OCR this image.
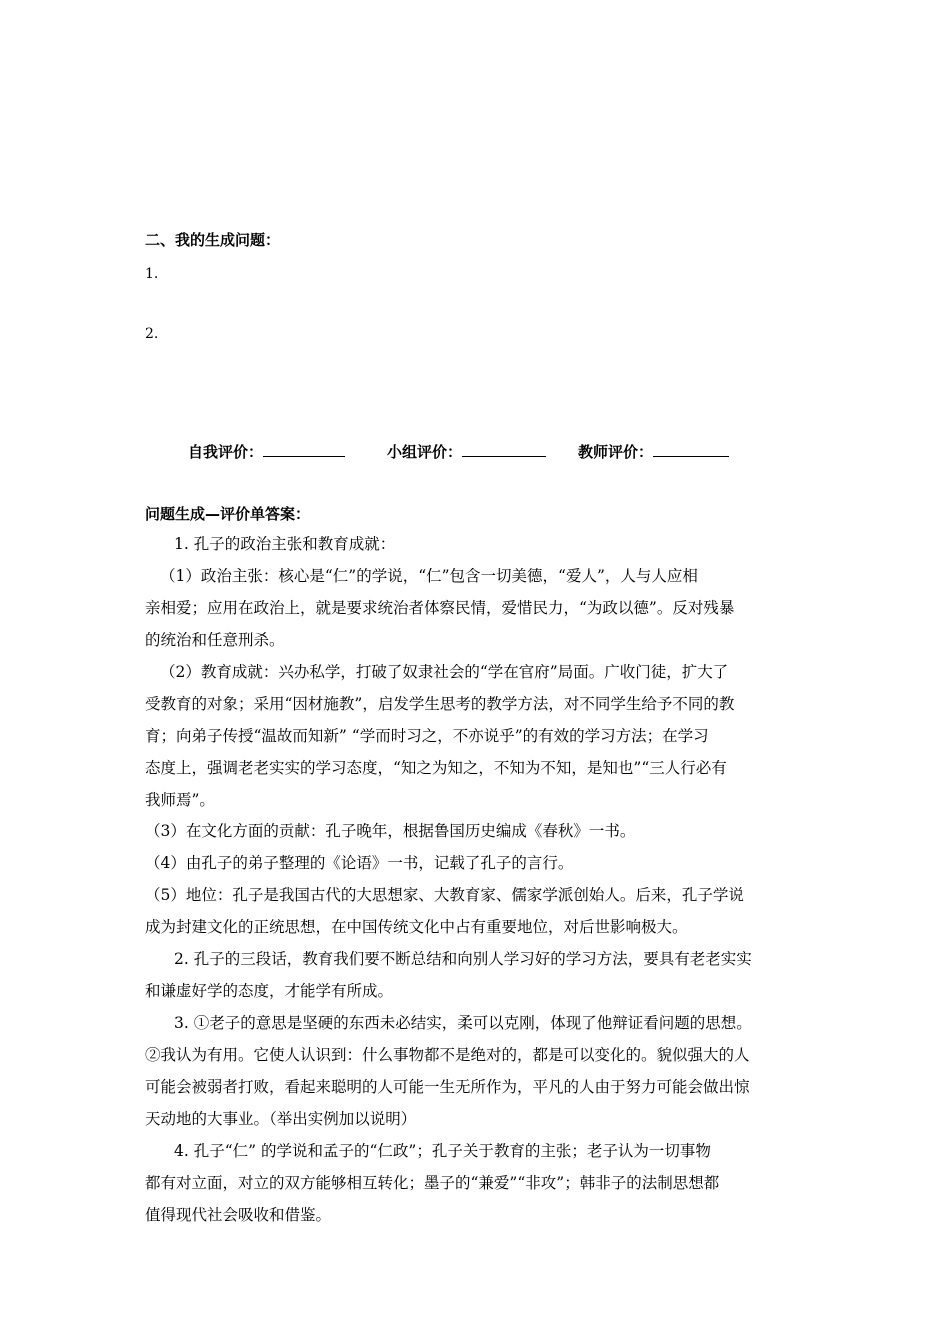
二、我的生成问题：
1.
2.
自我评价：	小组评价：	教师评价：
问题生成—评价单答案：
1. 孔子的政治主张和教育成就：
（1）政治主张：核心是“仁”的学说，“仁”包含一切美德，“爱人”，人与人应相
亲相爱；应用在政治上，就是要求统治者体察民情，爱惜民力，“为政以德”。反对残暴
的统治和任意刑杀。
（2）教育成就：兴办私学，打破了奴隶社会的“学在官府”局面。广收门徒，扩大了
受教育的对象；采用“因材施教”，启发学生思考的教学方法，对不同学生给予不同的教
育；向弟子传授“温故而知新” “学而时习之，不亦说乎”的有效的学习方法；在学习
态度上，强调老老实实的学习态度，“知之为知之，不知为不知，是知也”“三人行必有
我师焉”。
（3）在文化方面的贡献：孔子晚年，根据鲁国历史编成《春秋》一书。
（4）由孔子的弟子整理的《论语》一书，记载了孔子的言行。
（5）地位：孔子是我国古代的大思想家、大教育家、儒家学派创始人。后来，孔子学说
成为封建文化的正统思想，在中国传统文化中占有重要地位，对后世影响极大。
2. 孔子的三段话，教育我们要不断总结和向别人学习好的学习方法，要具有老老实实
和谦虚好学的态度，才能学有所成。
3. ①老子的意思是坚硬的东西未必结实，柔可以克刚，体现了他辩证看问题的思想。
②我认为有用。它使人认识到：什么事物都不是绝对的，都是可以变化的。貌似强大的人
可能会被弱者打败，看起来聪明的人可能一生无所作为，平凡的人由于努力可能会做出惊
天动地的大事业。（举出实例加以说明）
4. 孔子“仁” 的学说和孟子的“仁政”；孔子关于教育的主张；老子认为一切事物
都有对立面，对立的双方能够相互转化；墨子的“兼爱”“非攻”；韩非子的法制思想都
值得现代社会吸收和借鉴。
